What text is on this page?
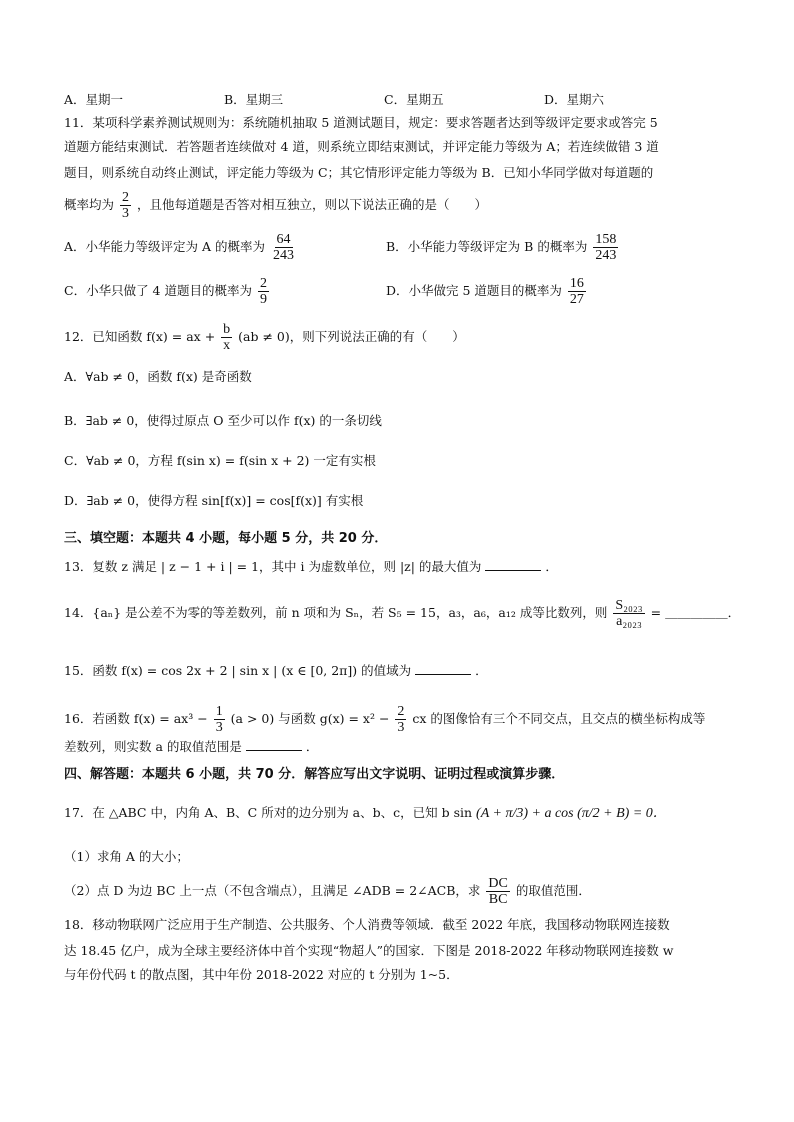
A．星期一	B．星期三	C．星期五	D．星期六
11．某项科学素养测试规则为：系统随机抽取 5 道测试题目，规定：要求答题者达到等级评定要求或答完 5
道题方能结束测试．若答题者连续做对 4 道，则系统立即结束测试，并评定能力等级为 A；若连续做错 3 道
题目，则系统自动终止测试，评定能力等级为 C；其它情形评定能力等级为 B．已知小华同学做对每道题的
概率均为 $\frac{2}{3}$ ，且他每道题是否答对相互独立，则以下说法正确的是（　　）
A．小华能力等级评定为 A 的概率为 $\frac{64}{243}$	B．小华能力等级评定为 B 的概率为 $\frac{158}{243}$
C．小华只做了 4 道题目的概率为 $\frac{2}{9}$	D．小华做完 5 道题目的概率为 $\frac{16}{27}$
12．已知函数 f(x) = ax + $\frac{b}{x} (ab \ne 0)$，则下列说法正确的有（　　）
A．∀ab ≠ 0，函数 f(x) 是奇函数
B．∃ab ≠ 0，使得过原点 O 至少可以作 f(x) 的一条切线
C．∀ab ≠ 0，方程 f(sin x) = f(sin x + 2) 一定有实根
D．∃ab ≠ 0，使得方程 sin[f(x)] = cos[f(x)] 有实根
三、填空题：本题共 4 小题，每小题 5 分，共 20 分．
13．复数 z 满足 | z − 1 + i | = 1，其中 i 为虚数单位，则 |z| 的最大值为	．
14．{aₙ} 是公差不为零的等差数列，前 n 项和为 Sₙ，若 S₅ = 15，a₃，a₆，a₁₂ 成等比数列，则 $\frac{\text{S₂₀₂₃}}{\text{a₂₀₂₃}}$ = ＿＿＿＿＿．
15．函数 f(x) = cos 2x + 2 | sin x | (x ∈ [0, 2π]) 的值域为	．
16．若函数 $f(x) = ax^3 - \frac{1}{3} (a > 0)$ 与函数 $g(x) = x^2 - \frac{2}{3}$ cx 的图像恰有三个不同交点，且交点的横坐标构成等
差数列，则实数 a 的取值范围是	．
四、解答题：本题共 6 小题，共 70 分．解答应写出文字说明、证明过程或演算步骤．
17．在 △ABC 中，内角 A、B、C 所对的边分别为 a、b、c，已知 b sin (A + π/3) + a cos (π/2 + B) = 0．
（1）求角 A 的大小；
（2）点 D 为边 BC 上一点（不包含端点），且满足 ∠ADB = 2∠ACB，求 $\frac{DC}{BC}$ 的取值范围．
18．移动物联网广泛应用于生产制造、公共服务、个人消费等领域．截至 2022 年底，我国移动物联网连接数
达 18.45 亿户，成为全球主要经济体中首个实现“物超人”的国家．下图是 2018-2022 年移动物联网连接数 w
与年份代码 t 的散点图，其中年份 2018-2022 对应的 t 分别为 1~5．
